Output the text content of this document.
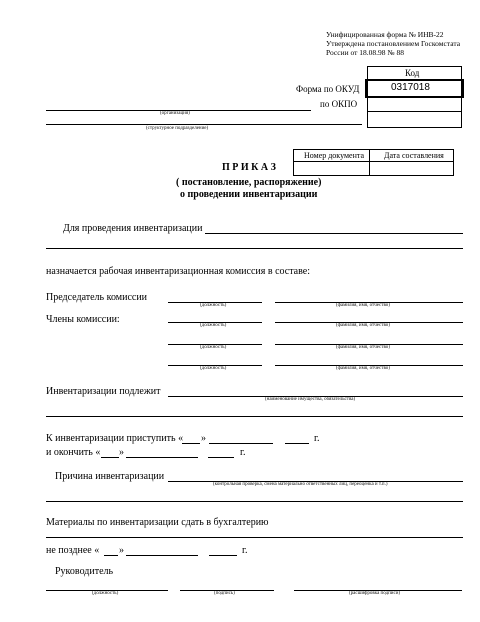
Унифицированная форма № ИНВ-22
Утверждена постановлением Госкомстата
России от 18.08.98 № 88
Код
0317018
Форма по ОКУД
по ОКПО
(организация)
(структурное подразделение)
Номер документа Дата составления
П Р И К А З
( постановление, распоряжение)
о проведении инвентаризации
Для проведения инвентаризации
назначается рабочая инвентаризационная комиссия в составе:
Председатель комиссии
(должность)	(фамилия, имя, отчество)
Члены комиссии:
(должность)	(фамилия, имя, отчество)
(должность)	(фамилия, имя, отчество)
(должность)	(фамилия, имя, отчество)
Инвентаризации подлежит
(наименование имущества, обязательства)
К инвентаризации приступить « »	г.
и окончить « »	г.
Причина инвентаризации
(контрольная проверка, смена материально ответственных лиц, переоценка и т.п.)
Материалы по инвентаризации сдать в бухгалтерию
не позднее « »	г.
Руководитель
(должность)	(подпись)	(расшифровка подписи)
